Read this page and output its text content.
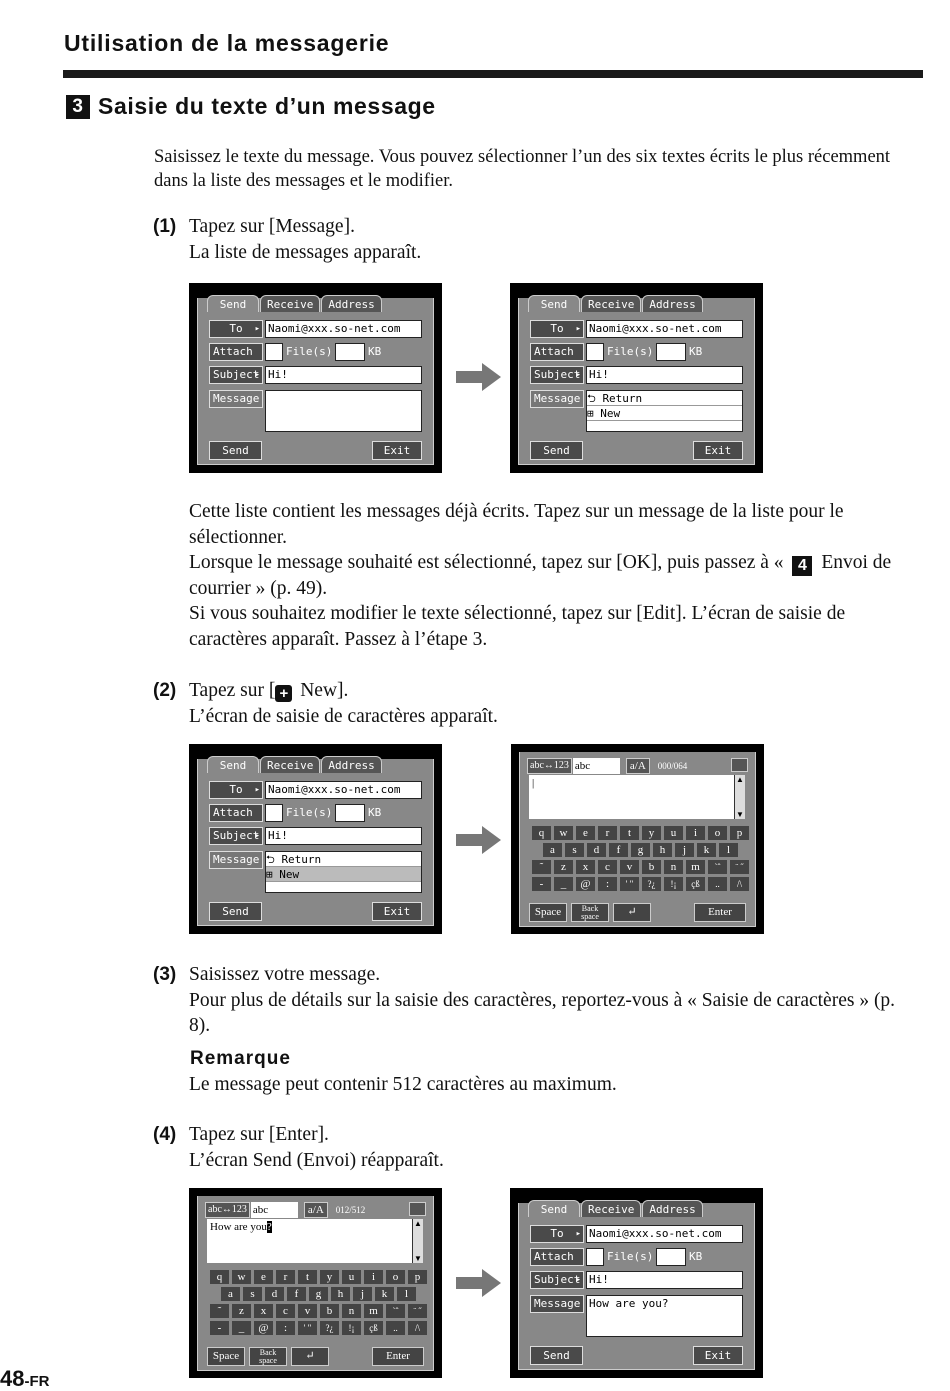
Utilisation de la messagerie
3 Saisie du texte d’un message
Saisissez le texte du message. Vous pouvez sélectionner l’un des six textes écrits le plus récemment dans la liste des messages et le modifier.
(1) Tapez sur [Message].
La liste de messages apparaît.
Send	Receive	Address
To ▸	Naomi@xxx.so-net.com
Attach	File(s)	KB
Subject ▸ Hi!
Message
Send	Exit
Send	Receive	Address
To ▸	Naomi@xxx.so-net.com
Attach	File(s)	KB
Subject ▸ Hi!
Message ⮌ Return
⊞ New
Send	Exit
Cette liste contient les messages déjà écrits. Tapez sur un message de la liste pour le sélectionner.
Lorsque le message souhaité est sélectionné, tapez sur [OK], puis passez à « 4 Envoi de courrier » (p. 49).
Si vous souhaitez modifier le texte sélectionné, tapez sur [Edit]. L’écran de saisie de caractères apparaît. Passez à l’étape 3.
(2) Tapez sur [ + New].
L’écran de saisie de caractères apparaît.
Send	Receive	Address
To ▸	Naomi@xxx.so-net.com
Attach	File(s)	KB
Subject ▸ Hi!
Message ⮌ Return
⊞ New
Send	Exit
abc↔123 abc	a/A	000/064
|	▲
▼
q	w	e	r	t	y	u	i	o	p
a	s	d	f	g	h	j	k	l
˜	z	x	c	v	b	n	m	`ˆ	¨ ˝
-	_	@	:	' "	?¿	!¡	çß	..	/\
Space	Back space	↵	Enter
(3) Saisissez votre message.
Pour plus de détails sur la saisie des caractères, reportez-vous à « Saisie de caractères » (p. 8).
Remarque
Le message peut contenir 512 caractères au maximum.
(4) Tapez sur [Enter].
L’écran Send (Envoi) réapparaît.
abc↔123 abc	a/A	012/512
How are you?	▲
▼
q	w	e	r	t	y	u	i	o	p
a	s	d	f	g	h	j	k	l
˜	z	x	c	v	b	n	m	`ˆ	¨ ˝
-	_	@	:	' "	?¿	!¡	çß	..	/\
Space	Back space	↵	Enter
Send	Receive	Address
To ▸	Naomi@xxx.so-net.com
Attach	File(s)	KB
Subject ▸ Hi!
Message How are you?
Send	Exit
48-FR
